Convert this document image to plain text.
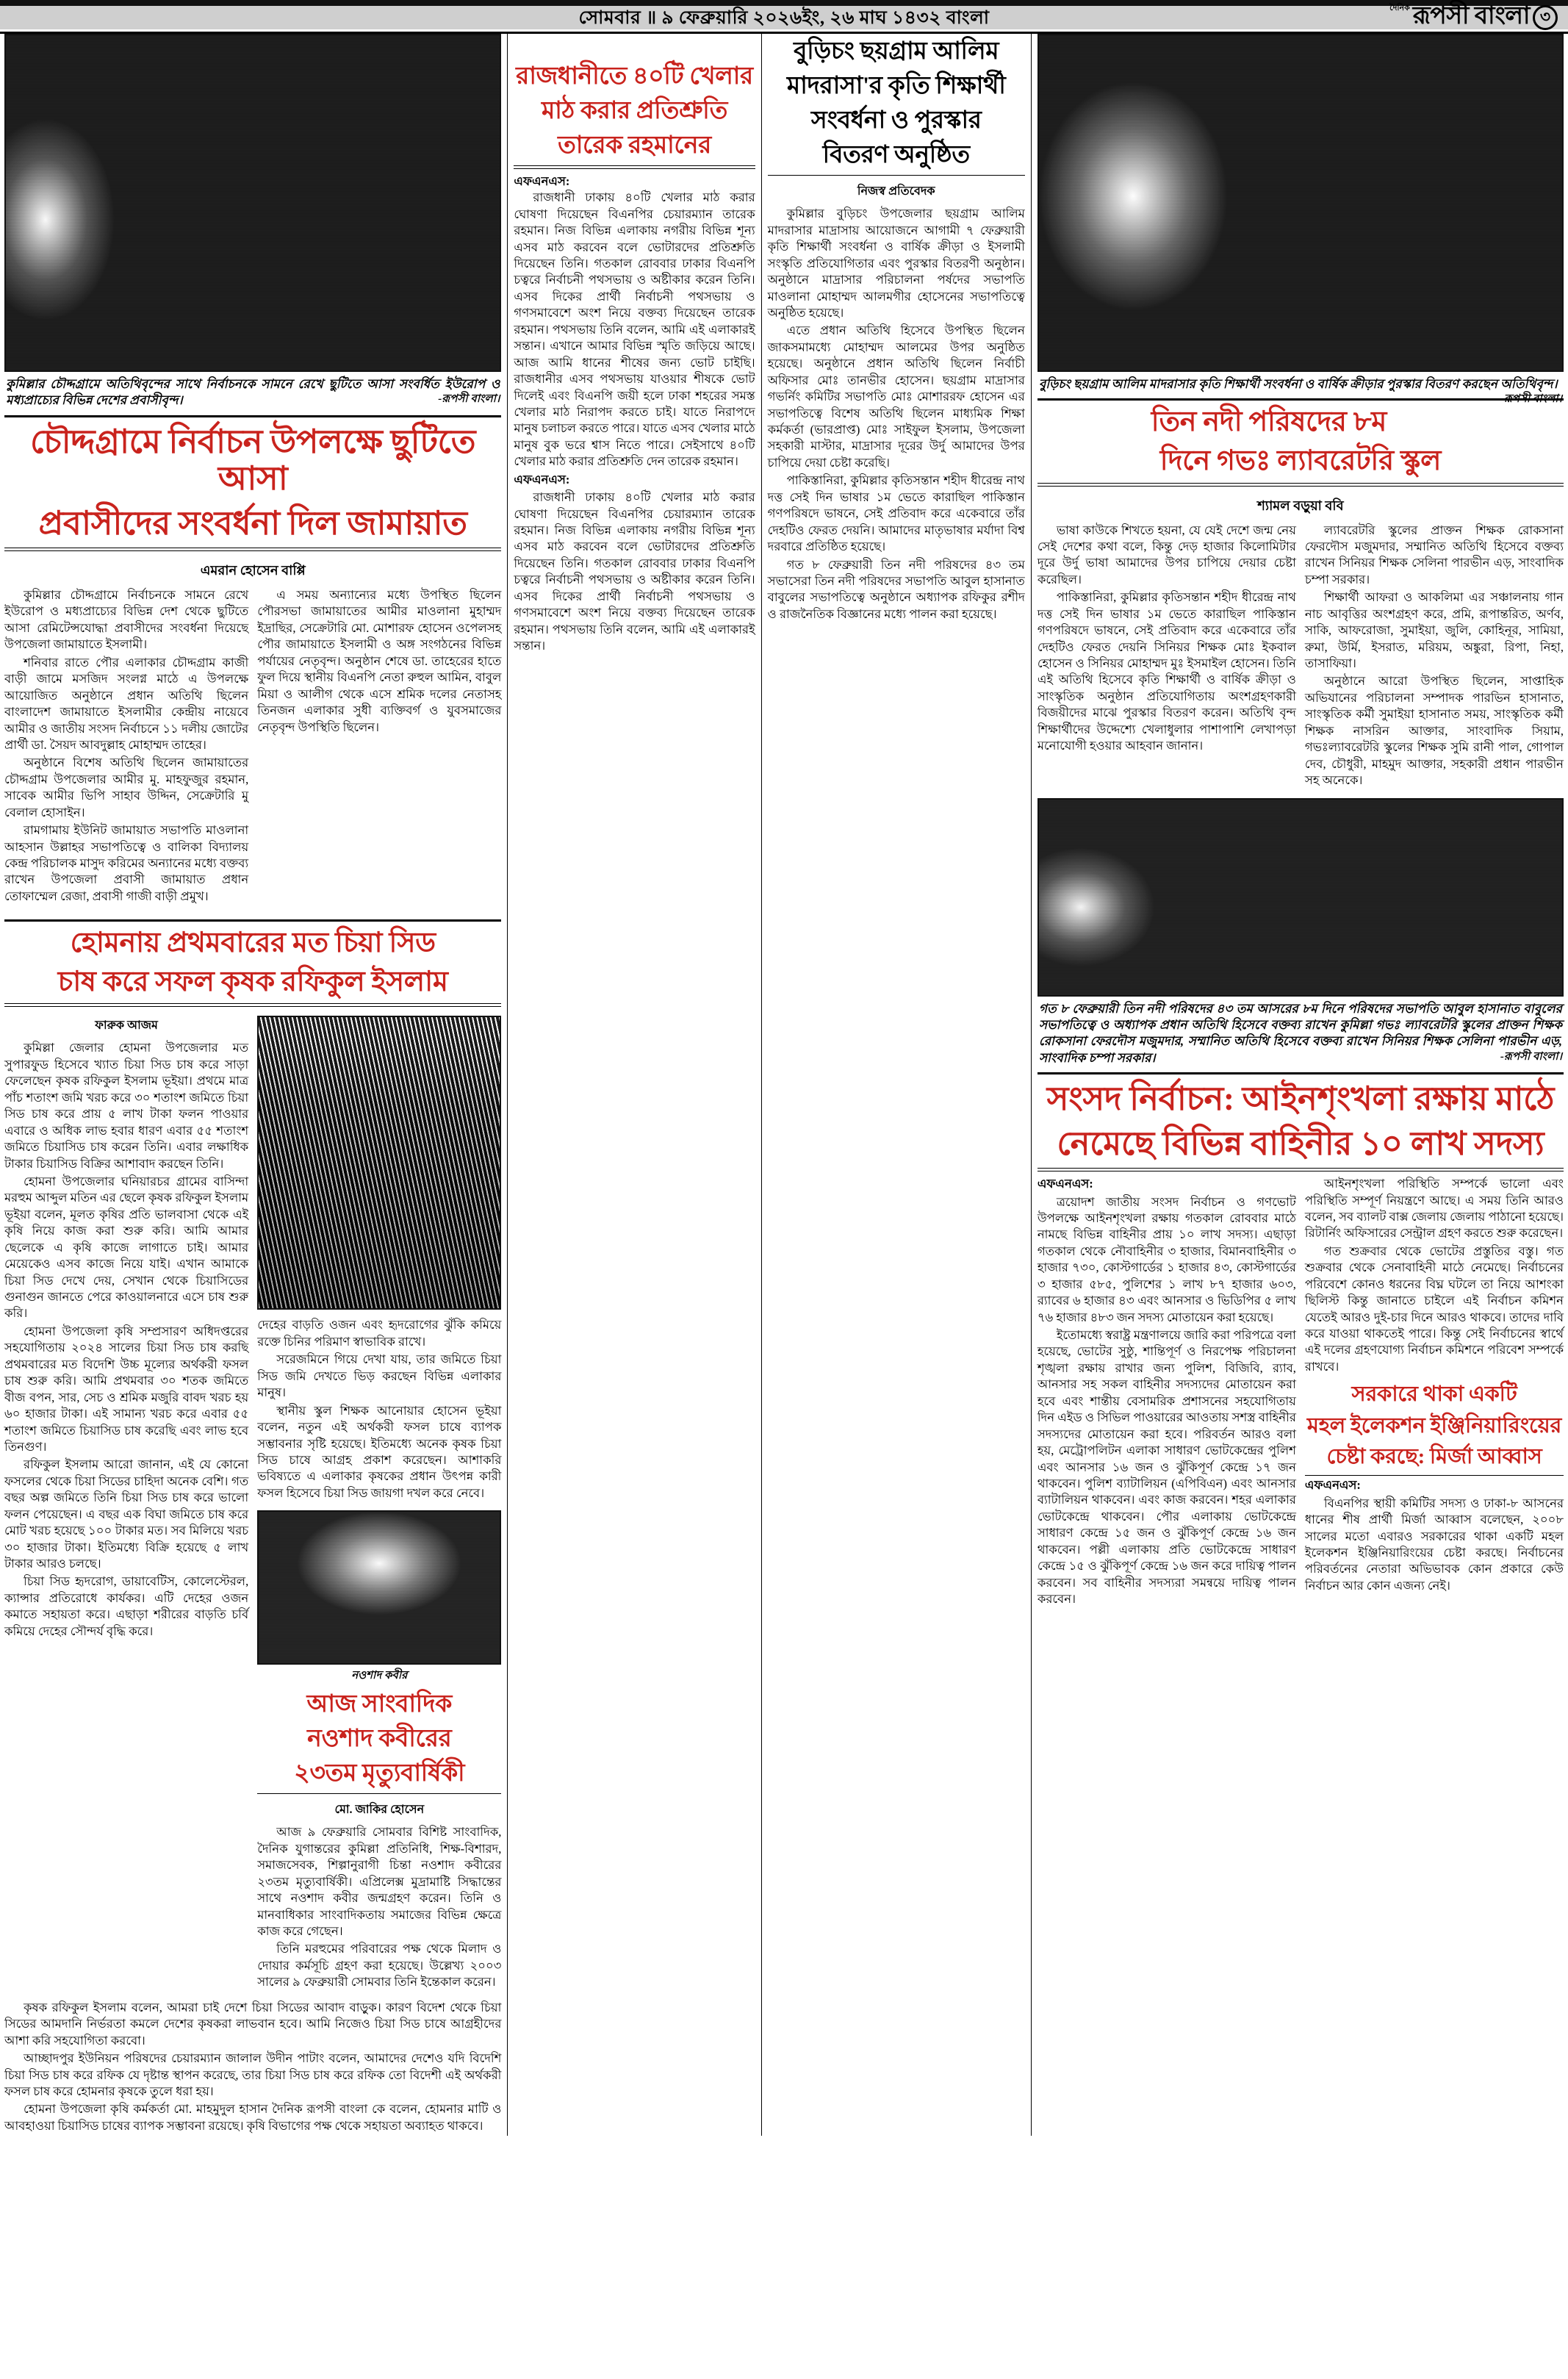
সোমবার ॥ ৯ ফেব্রুয়ারি ২০২৬ইং, ২৬ মাঘ ১৪৩২ বাংলা
দৈনিক রূপসী বাংলা ৩
কুমিল্লার চৌদ্দগ্রামে অতিথিবৃন্দের সাথে নির্বাচনকে সামনে রেখে ছুটিতে আসা সংবর্ধিত ইউরোপ ও মধ্যপ্রাচ্যের বিভিন্ন দেশের প্রবাসীবৃন্দ।	-রূপসী বাংলা।
চৌদ্দগ্রামে নির্বাচন উপলক্ষে ছুটিতে আসা
প্রবাসীদের সংবর্ধনা দিল জামায়াত
এমরান হোসেন বাপ্পি

কুমিল্লার চৌদ্দগ্রামে নির্বাচনকে সামনে রেখে ইউরোপ ও মধ্যপ্রাচ্যের বিভিন্ন দেশ থেকে ছুটিতে আসা রেমিটেন্সযোদ্ধা প্রবাসীদের সংবর্ধনা দিয়েছে উপজেলা জামায়াতে ইসলামী।

শনিবার রাতে পৌর এলাকার চৌদ্দগ্রাম কাজী বাড়ী জামে মসজিদ সংলগ্ন মাঠে এ উপলক্ষে আয়োজিত অনুষ্ঠানে প্রধান অতিথি ছিলেন বাংলাদেশ জামায়াতে ইসলামীর কেন্দ্রীয় নায়েবে আমীর ও জাতীয় সংসদ নির্বাচনে ১১ দলীয় জোটের প্রার্থী ডা. সৈয়দ আবদুল্লাহ মোহাম্মদ তাহের।

অনুষ্ঠানে বিশেষ অতিথি ছিলেন জামায়াতের চৌদ্দগ্রাম উপজেলার আমীর মু. মাহফুজুর রহমান, সাবেক আমীর ভিপি সাহাব উদ্দিন, সেক্রেটারি মু বেলাল হোসাইন।

রামগামায় ইউনিট জামায়াত সভাপতি মাওলানা আহসান উল্লাহর সভাপতিত্বে ও বালিকা বিদ্যালয় কেন্দ্র পরিচালক মাসুদ করিমের অন্যানের মধ্যে বক্তব্য রাখেন উপজেলা প্রবাসী জামায়াত প্রধান তোফাম্মেল রেজা, প্রবাসী গাজী বাড়ী প্রমুখ।

এ সময় অন্যান্যের মধ্যে উপস্থিত ছিলেন পৌরসভা জামায়াতের আমীর মাওলানা মুহাম্মদ ইদ্রাছির, সেক্রেটারি মো. মোশারফ হোসেন ওপেলসহ পৌর জামায়াতে ইসলামী ও অঙ্গ সংগঠনের বিভিন্ন পর্যায়ের নেতৃবৃন্দ। অনুষ্ঠান শেষে ডা. তাহেরের হাতে ফুল দিয়ে স্থানীয় বিএনপি নেতা রুহুল আমিন, বাবুল মিয়া ও আলীগ থেকে এসে শ্রমিক দলের নেতাসহ তিনজন এলাকার সুধী ব্যক্তিবর্গ ও যুবসমাজের নেতৃবৃন্দ উপস্থিতি ছিলেন।

হোমনায় প্রথমবারের মত চিয়া সিড
চাষ করে সফল কৃষক রফিকুল ইসলাম
ফারুক আজম

কুমিল্লা জেলার হোমনা উপজেলার মত সুপারফুড হিসেবে খ্যাত চিয়া সিড চাষ করে সাড়া ফেলেছেন কৃষক রফিকুল ইসলাম ভূইয়া। প্রথমে মাত্র পাঁচ শতাংশ জমি খরচ করে ৩০ শতাংশ জমিতে চিয়া সিড চাষ করে প্রায় ৫ লাখ টাকা ফলন পাওয়ার এবারে ও অধিক লাভ হবার ধারণ এবার ৫৫ শতাংশ জমিতে চিয়াসিড চাষ করেন তিনি। এবার লক্ষাধিক টাকার চিয়াসিড বিক্রির আশাবাদ করছেন তিনি।

হোমনা উপজেলার ঘনিয়ারচর গ্রামের বাসিন্দা মরহুম আব্দুল মতিন এর ছেলে কৃষক রফিকুল ইসলাম ভূইয়া বলেন, মূলত কৃষির প্রতি ভালবাসা থেকে এই কৃষি নিয়ে কাজ করা শুরু করি। আমি আমার ছেলেকে এ কৃষি কাজে লাগাতে চাই। আমার মেয়েকেও এসব কাজে নিয়ে যাই। এখান আমাকে চিয়া সিড দেখে দেয়, সেখান থেকে চিয়াসিডের গুনাগুন জানতে পেরে কাওয়ালনারে এসে চাষ শুরু করি।

হোমনা উপজেলা কৃষি সম্প্রসারণ অধিদপ্তরের সহযোগিতায় ২০২৪ সালের চিয়া সিড চাষ করছি প্রথমবারের মত বিদেশি উচ্চ মূল্যের অর্থকরী ফসল চাষ শুরু করি। আমি প্রথমবার ৩০ শতক জমিতে বীজ বপন, সার, সেচ ও শ্রমিক মজুরি বাবদ খরচ হয় ৬০ হাজার টাকা। এই সামান্য খরচ করে এবার ৫৫ শতাংশ জমিতে চিয়াসিড চাষ করেছি এবং লাভ হবে তিনগুণ।

রফিকুল ইসলাম আরো জানান, এই যে কোনো ফসলের থেকে চিয়া সিডের চাহিদা অনেক বেশি। গত বছর অল্প জমিতে তিনি চিয়া সিড চাষ করে ভালো ফলন পেয়েছেন। এ বছর এক বিঘা জমিতে চাষ করে মোট খরচ হয়েছে ১০০ টাকার মত। সব মিলিয়ে খরচ ৩০ হাজার টাকা। ইতিমধ্যে বিক্রি হয়েছে ৫ লাখ টাকার আরও চলছে।

চিয়া সিড হৃদরোগ, ডায়াবেটিস, কোলেস্টেরল, ক্যান্সার প্রতিরোধে কার্যকর। এটি দেহের ওজন কমাতে সহায়তা করে। এছাড়া শরীরের বাড়তি চর্বি কমিয়ে দেহের সৌন্দর্য বৃদ্ধি করে।

দেহের বাড়তি ওজন এবং হৃদরোগের ঝুঁকি কমিয়ে রক্তে চিনির পরিমাণ স্বাভাবিক রাখে।

সরেজমিনে গিয়ে দেখা যায়, তার জমিতে চিয়া সিড জমি দেখতে ভিড় করছেন বিভিন্ন এলাকার মানুষ।

স্থানীয় স্কুল শিক্ষক আনোয়ার হোসেন ভূইয়া বলেন, নতুন এই অর্থকরী ফসল চাষে ব্যাপক সম্ভাবনার সৃষ্টি হয়েছে। ইতিমধ্যে অনেক কৃষক চিয়া সিড চাষে আগ্রহ প্রকাশ করেছেন। আশাকরি ভবিষ্যতে এ এলাকার কৃষকের প্রধান উৎপন্ন কারী ফসল হিসেবে চিয়া সিড জায়গা দখল করে নেবে।

নওশাদ কবীর
আজ সাংবাদিক
নওশাদ কবীরের
২৩তম মৃত্যুবার্ষিকী
মো. জাকির হোসেন

আজ ৯ ফেব্রুয়ারি সোমবার বিশিষ্ট সাংবাদিক, দৈনিক যুগান্তরের কুমিল্লা প্রতিনিধি, শিক্ষ-বিশারদ, সমাজসেবক, শিল্পানুরাগী চিন্তা নওশাদ কবীরের ২৩তম মৃত্যুবার্ষিকী। এপ্রিলেক্স মুদ্রামাষ্টি সিদ্ধান্তের সাথে নওশাদ কবীর জন্মগ্রহণ করেন। তিনি ও মানবাধিকার সাংবাদিকতায় সমাজের বিভিন্ন ক্ষেত্রে কাজ করে গেছেন।

তিনি মরহুমের পরিবারের পক্ষ থেকে মিলাদ ও দোয়ার কর্মসূচি গ্রহণ করা হয়েছে। উল্লেখ্য ২০০৩ সালের ৯ ফেব্রুয়ারী সোমবার তিনি ইন্তেকাল করেন।

কৃষক রফিকুল ইসলাম বলেন, আমরা চাই দেশে চিয়া সিডের আবাদ বাড়ুক। কারণ বিদেশ থেকে চিয়া সিডের আমদানি নির্ভরতা কমলে দেশের কৃষকরা লাভবান হবে। আমি নিজেও চিয়া সিড চাষে আগ্রহীদের আশা করি সহযোগিতা করবো।

আচ্ছাদপুর ইউনিয়ন পরিষদের চেয়ারম্যান জালাল উদীন পাটাং বলেন, আমাদের দেশেও যদি বিদেশি চিয়া সিড চাষ করে রফিক যে দৃষ্টান্ত স্থাপন করেছে, তার চিয়া সিড চাষ করে রফিক তো বিদেশী এই অর্থকরী ফসল চাষ করে হোমনার কৃষকে তুলে ধরা হয়।

হোমনা উপজেলা কৃষি কর্মকর্তা মো. মাহমুদুল হাসান দৈনিক রূপসী বাংলা কে বলেন, হোমনার মাটি ও আবহাওয়া চিয়াসিড চাষের ব্যাপক সম্ভাবনা রয়েছে। কৃষি বিভাগের পক্ষ থেকে সহায়তা অব্যাহত থাকবে।

রাজধানীতে ৪০টি খেলার
মাঠ করার প্রতিশ্রুতি
তারেক রহমানের

এফএনএস:

রাজধানী ঢাকায় ৪০টি খেলার মাঠ করার ঘোষণা দিয়েছেন বিএনপির চেয়ারম্যান তারেক রহমান। নিজ বিভিন্ন এলাকায় নগরীয় বিভিন্ন শূন্য এসব মাঠ করবেন বলে ভোটারদের প্রতিশ্রুতি দিয়েছেন তিনি। গতকাল রোববার ঢাকার বিএনপি চত্বরে নির্বাচনী পথসভায় ও অষ্টীকার করেন তিনি। এসব দিকের প্রার্থী নির্বাচনী পথসভায় ও গণসমাবেশে অংশ নিয়ে বক্তব্য দিয়েছেন তারেক রহমান। পথসভায় তিনি বলেন, আমি এই এলাকারই সন্তান। এখানে আমার বিভিন্ন স্মৃতি জড়িয়ে আছে। আজ আমি ধানের শীষের জন্য ভোট চাইছি। রাজধানীর এসব পথসভায় যাওয়ার শীষকে ভোট দিলেই এবং বিএনপি জয়ী হলে ঢাকা শহরের সমস্ত খেলার মাঠ নিরাপদ করতে চাই। যাতে নিরাপদে মানুষ চলাচল করতে পারে। যাতে এসব খেলার মাঠে মানুষ বুক ভরে শ্বাস নিতে পারে। সেইসাথে ৪০টি খেলার মাঠ করার প্রতিশ্রুতি দেন তারেক রহমান।

এফএনএস:

রাজধানী ঢাকায় ৪০টি খেলার মাঠ করার ঘোষণা দিয়েছেন বিএনপির চেয়ারম্যান তারেক রহমান। নিজ বিভিন্ন এলাকায় নগরীয় বিভিন্ন শূন্য এসব মাঠ করবেন বলে ভোটারদের প্রতিশ্রুতি দিয়েছেন তিনি। গতকাল রোববার ঢাকার বিএনপি চত্বরে নির্বাচনী পথসভায় ও অষ্টীকার করেন তিনি। এসব দিকের প্রার্থী নির্বাচনী পথসভায় ও গণসমাবেশে অংশ নিয়ে বক্তব্য দিয়েছেন তারেক রহমান। পথসভায় তিনি বলেন, আমি এই এলাকারই সন্তান।

বুড়িচং ছয়গ্রাম আলিম
মাদরাসা'র কৃতি শিক্ষার্থী
সংবর্ধনা ও পুরস্কার
বিতরণ অনুষ্ঠিত
নিজস্ব প্রতিবেদক

কুমিল্লার বুড়িচং উপজেলার ছয়গ্রাম আলিম মাদরাসার মাদ্রাসায় আয়োজনে আগামী ৭ ফেব্রুয়ারী কৃতি শিক্ষার্থী সংবর্ধনা ও বার্ষিক ক্রীড়া ও ইসলামী সংস্কৃতি প্রতিযোগিতার এবং পুরস্কার বিতরণী অনুষ্ঠান। অনুষ্ঠানে মাদ্রাসার পরিচালনা পর্ষদের সভাপতি মাওলানা মোহাম্মদ আলমগীর হোসেনের সভাপতিত্বে অনুষ্ঠিত হয়েছে।

এতে প্রধান অতিথি হিসেবে উপস্থিত ছিলেন জাকসমামধ্যে মোহাম্মদ আলমের উপর অনুষ্ঠিত হয়েছে। অনুষ্ঠানে প্রধান অতিথি ছিলেন নির্বাচী অফিসার মোঃ তানভীর হোসেন। ছয়গ্রাম মাদ্রাসার গভর্নিং কমিটির সভাপতি মোঃ মোশাররফ হোসেন এর সভাপতিত্বে বিশেষ অতিথি ছিলেন মাধ্যমিক শিক্ষা কর্মকর্তা (ভারপ্রাপ্ত) মোঃ সাইফুল ইসলাম, উপজেলা সহকারী মাস্টার, মাদ্রাসার দূরের উর্দু আমাদের উপর চাপিয়ে দেয়া চেষ্টা করেছি।

পাকিস্তানিরা, কুমিল্লার কৃতিসন্তান শহীদ ধীরেন্দ্র নাথ দত্ত সেই দিন ভাষার ১ম ভেতে কারাছিল পাকিস্তান গণপরিষদে ভাষনে, সেই প্রতিবাদ করে একেবারে তাঁর দেহটিও ফেরত দেয়নি। আমাদের মাতৃভাষার মর্যাদা বিশ্ব দরবারে প্রতিষ্ঠিত হয়েছে।

গত ৮ ফেব্রুয়ারী তিন নদী পরিষদের ৪৩ তম সভাসেরা তিন নদী পরিষদের সভাপতি আবুল হাসানাত বাবুলের সভাপতিত্বে অনুষ্ঠানে অধ্যাপক রফিকুর রশীদ ও রাজনৈতিক বিজ্ঞানের মধ্যে পালন করা হয়েছে।

বুড়িচং ছয়গ্রাম আলিম মাদরাসার কৃতি শিক্ষার্থী সংবর্ধনা ও বার্ষিক ক্রীড়ার পুরস্কার বিতরণ করছেন অতিথিবৃন্দ।
-রূপসী বাংলা।
তিন নদী পরিষদের ৮ম
দিনে গভঃ ল্যাবরেটরি স্কুল
শ্যামল বড়ুয়া ববি

ভাষা কাউকে শিখতে হয়না, যে যেই দেশে জন্ম নেয় সেই দেশের কথা বলে, কিন্তু দেড় হাজার কিলোমিটার দূরে উর্দু ভাষা আমাদের উপর চাপিয়ে দেয়ার চেষ্টা করেছিল।

পাকিস্তানিরা, কুমিল্লার কৃতিসন্তান শহীদ ধীরেন্দ্র নাথ দত্ত সেই দিন ভাষার ১ম ভেতে কারাছিল পাকিস্তান গণপরিষদে ভাষনে, সেই প্রতিবাদ করে একেবারে তাঁর দেহটিও ফেরত দেয়নি সিনিয়র শিক্ষক মোঃ ইকবাল হোসেন ও সিনিয়র মোহাম্মদ মুঃ ইসমাইল হোসেন। তিনি এই অতিথি হিসেবে কৃতি শিক্ষার্থী ও বার্ষিক ক্রীড়া ও সাংস্কৃতিক অনুষ্ঠান প্রতিযোগিতায় অংশগ্রহণকারী বিজয়ীদের মাঝে পুরস্কার বিতরণ করেন। অতিথি বৃন্দ শিক্ষার্থীদের উদ্দেশ্যে খেলাধুলার পাশাপাশি লেখাপড়া মনোযোগী হওয়ার আহবান জানান।

ল্যাবরেটরি স্কুলের প্রাক্তন শিক্ষক রোকসানা ফেরদৌস মজুমদার, সম্মানিত অতিথি হিসেবে বক্তব্য রাখেন সিনিয়র শিক্ষক সেলিনা পারভীন এড়, সাংবাদিক চম্পা সরকার।

শিক্ষার্থী আফরা ও আকলিমা এর সঞ্চালনায় গান নাচ আবৃত্তির অংশগ্রহণ করে, প্রমি, রূপান্তরিত, অর্ণব, সাকি, আফরোজা, সুমাইয়া, জুলি, কোহিনূর, সামিয়া, রুমা, উর্মি, ইসরাত, মরিয়ম, অঙ্কুরা, রিপা, নিহা, তাসাফিয়া।

অনুষ্ঠানে আরো উপস্থিত ছিলেন, সাপ্তাহিক অভিযানের পরিচালনা সম্পাদক পারভিন হাসানাত, সাংস্কৃতিক কর্মী সুমাইয়া হাসানাত সময়, সাংস্কৃতিক কর্মী শিক্ষক নাসরিন আক্তার, সাংবাদিক সিয়াম, গভঃল্যাবরেটরি স্কুলের শিক্ষক সুমি রানী পাল, গোপাল দেব, চৌধুরী, মাহমুদ আক্তার, সহকারী প্রধান পারভীন সহ অনেকে।

গত ৮ ফেব্রুয়ারী তিন নদী পরিষদের ৪৩ তম আসরের ৮ম দিনে পরিষদের সভাপতি আবুল হাসানাত বাবুলের সভাপতিত্বে ও অধ্যাপক প্রধান অতিথি হিসেবে বক্তব্য রাখেন কুমিল্লা গভঃ ল্যাবরেটরি স্কুলের প্রাক্তন শিক্ষক রোকসানা ফেরদৌস মজুমদার, সম্মানিত অতিথি হিসেবে বক্তব্য রাখেন সিনিয়র শিক্ষক সেলিনা পারভীন এড়, সাংবাদিক চম্পা সরকার।	-রূপসী বাংলা।
সংসদ নির্বাচন: আইনশৃংখলা রক্ষায় মাঠে
নেমেছে বিভিন্ন বাহিনীর ১০ লাখ সদস্য

এফএনএস:

ত্রয়োদশ জাতীয় সংসদ নির্বাচন ও গণভোট উপলক্ষে আইনশৃংখলা রক্ষায় গতকাল রোববার মাঠে নামছে বিভিন্ন বাহিনীর প্রায় ১০ লাখ সদস্য। এছাড়া গতকাল থেকে নৌবাহিনীর ৩ হাজার, বিমানবাহিনীর ৩ হাজার ৭৩০, কোস্টগার্ডের ১ হাজার ৪৩, কোস্টগার্ডের ৩ হাজার ৫৮৫, পুলিশের ১ লাখ ৮৭ হাজার ৬০৩, র‍্যাবের ৬ হাজার ৪৩ এবং আনসার ও ভিডিপির ৫ লাখ ৭৬ হাজার ৪৮৩ জন সদস্য মোতায়েন করা হয়েছে।

ইতোমধ্যে স্বরাষ্ট্র মন্ত্রণালয়ে জারি করা পরিপত্রে বলা হয়েছে, ভোটের সুষ্ঠু, শান্তিপূর্ণ ও নিরপেক্ষ পরিচালনা শৃঙ্খলা রক্ষায় রাখার জন্য পুলিশ, বিজিবি, র‍্যাব, আনসার সহ সকল বাহিনীর সদস্যদের মোতায়েন করা হবে এবং শান্তীয় বেসামরিক প্রশাসনের সহযোগিতায় দিন এইড ও সিভিল পাওয়ারের আওতায় সশস্ত্র বাহিনীর সদস্যদের মোতায়েন করা হবে। পরিবর্তন আরও বলা হয়, মেট্রোপলিটন এলাকা সাধারণ ভোটকেন্দ্রের পুলিশ এবং আনসার ১৬ জন ও ঝুঁকিপূর্ণ কেন্দ্রে ১৭ জন থাকবেন। পুলিশ ব্যাটালিয়ন (এপিবিএন) এবং আনসার ব্যাটালিয়ন থাকবেন। এবং কাজ করবেন। শহর এলাকার ভোটকেন্দ্রে থাকবেন। পৌর এলাকায় ভোটকেন্দ্রে সাধারণ কেন্দ্রে ১৫ জন ও ঝুঁকিপূর্ণ কেন্দ্রে ১৬ জন থাকবেন। পল্লী এলাকায় প্রতি ভোটকেন্দ্রে সাধারণ কেন্দ্রে ১৫ ও ঝুঁকিপূর্ণ কেন্দ্রে ১৬ জন করে দায়িত্ব পালন করবেন। সব বাহিনীর সদস্যরা সমন্বয়ে দায়িত্ব পালন করবেন।

আইনশৃংখলা পরিস্থিতি সম্পর্কে ভালো এবং পরিস্থিতি সম্পূর্ণ নিয়ন্ত্রণে আছে। এ সময় তিনি আরও বলেন, সব ব্যালট বাক্স জেলায় জেলায় পাঠানো হয়েছে। রিটার্নিং অফিসারের সেন্ট্রাল গ্রহণ করতে শুরু করেছেন।

গত শুক্রবার থেকে ভোটের প্রস্তুতির বস্তু। গত শুক্রবার থেকে সেনাবাহিনী মাঠে নেমেছে। নির্বাচনের পরিবেশে কোনও ধরনের বিঘ্ন ঘটলে তা নিয়ে আশংকা ছিলিস্ট কিন্তু জানাতে চাইলে এই নির্বাচন কমিশন যেতেই আরও দুই-চার দিনে আরও থাকবে। তাদের দাবি করে যাওয়া থাকতেই পারে। কিন্তু সেই নির্বাচনের স্বার্থে এই দলের গ্রহণযোগ্য নির্বাচন কমিশনে পরিবেশ সম্পর্কে রাখবে।

সরকারে থাকা একটি
মহল ইলেকশন ইঞ্জিনিয়ারিংয়ের
চেষ্টা করছে: মির্জা আব্বাস

এফএনএস:

বিএনপির স্থায়ী কমিটির সদস্য ও ঢাকা-৮ আসনের ধানের শীষ প্রার্থী মির্জা আব্বাস বলেছেন, ২০০৮ সালের মতো এবারও সরকারের থাকা একটি মহল ইলেকশন ইঞ্জিনিয়ারিংয়ের চেষ্টা করছে। নির্বাচনের পরিবর্তনের নেতারা অভিভাবক কোন প্রকারে কেউ নির্বাচন আর কোন এজন্য নেই।
